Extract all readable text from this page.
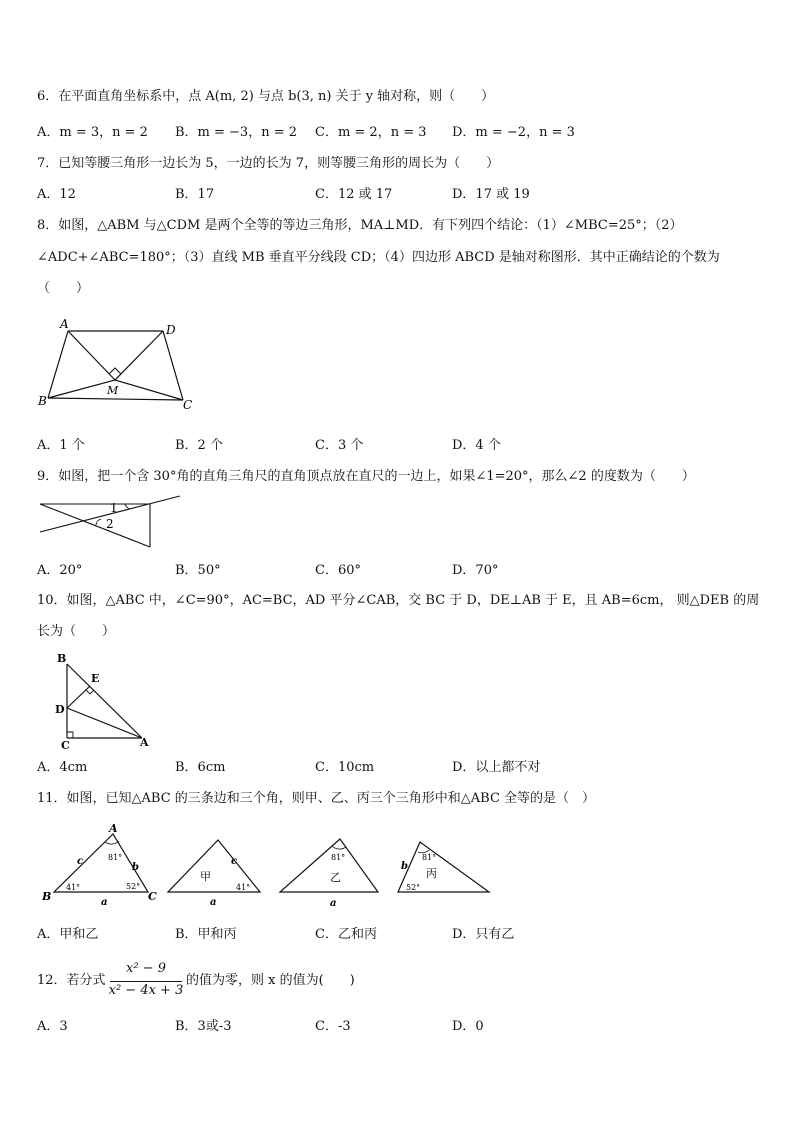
6．在平面直角坐标系中，点 A(m, 2) 与点 b(3, n) 关于 y 轴对称，则（　　）
A．m = 3，n = 2 B．m = −3，n = 2 C．m = 2，n = 3 D．m = −2，n = 3
7．已知等腰三角形一边长为 5，一边的长为 7，则等腰三角形的周长为（　　）
A．12	B．17	C．12 或 17	D．17 或 19
8．如图，△ABM 与△CDM 是两个全等的等边三角形，MA⊥MD．有下列四个结论：（1）∠MBC=25°；（2）
∠ADC+∠ABC=180°；（3）直线 MB 垂直平分线段 CD；（4）四边形 ABCD 是轴对称图形．其中正确结论的个数为
（　　）
A	D
B	C
M
A．1 个	B．2 个	C．3 个	D．4 个
9．如图，把一个含 30°角的直角三角尺的直角顶点放在直尺的一边上，如果∠1=20°，那么∠2 的度数为（　　）
1
2
A．20°	B．50°	C．60°	D．70°
10．如图，△ABC 中，∠C=90°，AC=BC，AD 平分∠CAB，交 BC 于 D，DE⊥AB 于 E，且 AB=6cm， 则△DEB 的周
长为（　　）
B
E
D
C	A
A．4cm	B．6cm	C．10cm	D．以上都不对
11．如图，已知△ABC 的三条边和三个角，则甲、乙、丙三个三角形中和△ABC 全等的是（　）
A
B	C
c
b
a
81°
41°	52°
c
a
41°
甲
81°
a
乙
81°
52°
b
丙
A．甲和乙	B．甲和丙	C．乙和丙	D．只有乙
12．若分式
x² − 9
x² − 4x + 3
的值为零，则 x 的值为(　　)
A．3	B．3或-3	C．-3	D．0
